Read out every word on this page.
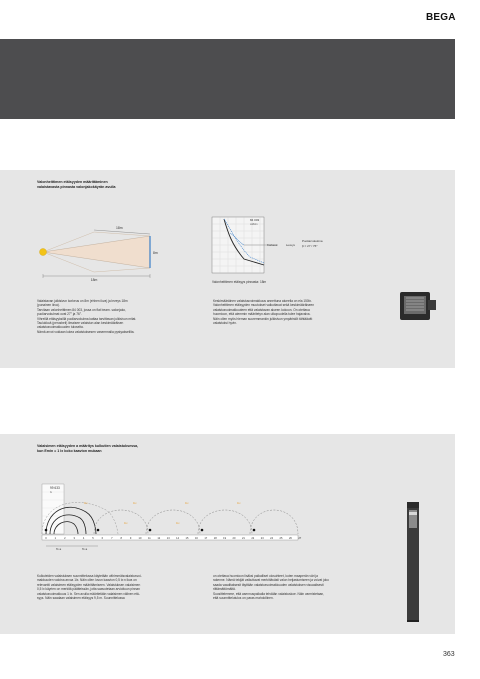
BEGA
Valonheittimen etäisyyden määrittäminen
valaistavasta pinnasta valonjakokäyrän avulla
18m
8m
18m
84 003
cd/klm
Korkeus	Leveys
Puoliarvokulma
β = 27 / 76°
Valonheittimen etäisyys pinnasta: 18m

Valaistavan julkisivun korkeus on 8m (ehhen ikva) ja leveys 18m

(punainen ikva).

Tarvitaan valonheittimen 84 003, jossa on flat beam -valonjako,

puoliarvokulmat ovat 27° ja 76°.

Vihreillä etäisyyksillä puoliarvokulma kattaa tarvittavan julkisivun mitat.

Taulukkoä (perusbeli) ilmaisee valaistun alan keskimääräisen

valaistusvoimakkuuden tuloselta.

Nämä arvot voidaan lukea valaistuksesen vasemmalla pystyakselilta.

Keskimääräinen valaistusvoimakkuus annettuna alueella on ela 150lx.

Valonheittimen etäisyyden muutokset vaikuttavat sekä keskimääräiseen

valaistusvoimakkuuteen että valaistavan alueen kokoon. On otettava

huomioon, että aiemmin määritetyn alan ulkopuolella tulee hajavalva.

Näin ollen myös hieman suuremmankin julkisivun ympäristöt tähtäävät

valaistuksi hyvin.

Valaisimen etäisyyden a määritys kulkutien valaistuksessa,
kun Emin = 1 lx koko kaavion mukaan
99 633
lx
1lx	1lx	1lx	1lx
1lx	1lx
0	1	2	3	4	5	6	7	8	9	10	11	12	13	14	15	16	17	18	19	20	21	22	23	24	25	26	27
% a	% a

Kulkuteiden valaistuksen suunnittelussa käytetään vähimmäisvalaistusvoi-

makkuuden valoina arvoa 1lx. Näin ollen luvun kaavion 0,5 lx:n ikva on

relevantti valaisimen etäisyyden määrittämiseen. Valaistuksen valaisimen

0,5 lx käyrien on merkitä päätteissän, jotta saavutetaan arvioituun pinnan

valaistusvoimakkuus 1 lx. Sen avulla määritetään valaisimen välinen etä-

syys. Näin saadaan valaisimen etäisyys 9,5 m. Suunnittelussa

on otettava huomioon lisäksi paikalliset olosuhteet, kuten maaperän väri ja

rakenne. Nämä tekijät vaikuttavat merkittävästi valon heijastumiseen ja voivat joko

saada vaaditaksesit täyttään valaistusvoimakkuuden valaistuksen visuaalisesti

riittämättömältä.

Suosittelemme, että asennuspaikalla tehdään valaistuskoe. Näin varmistetaan,

että suunnittelutulos on paras mahdollinen.

363
